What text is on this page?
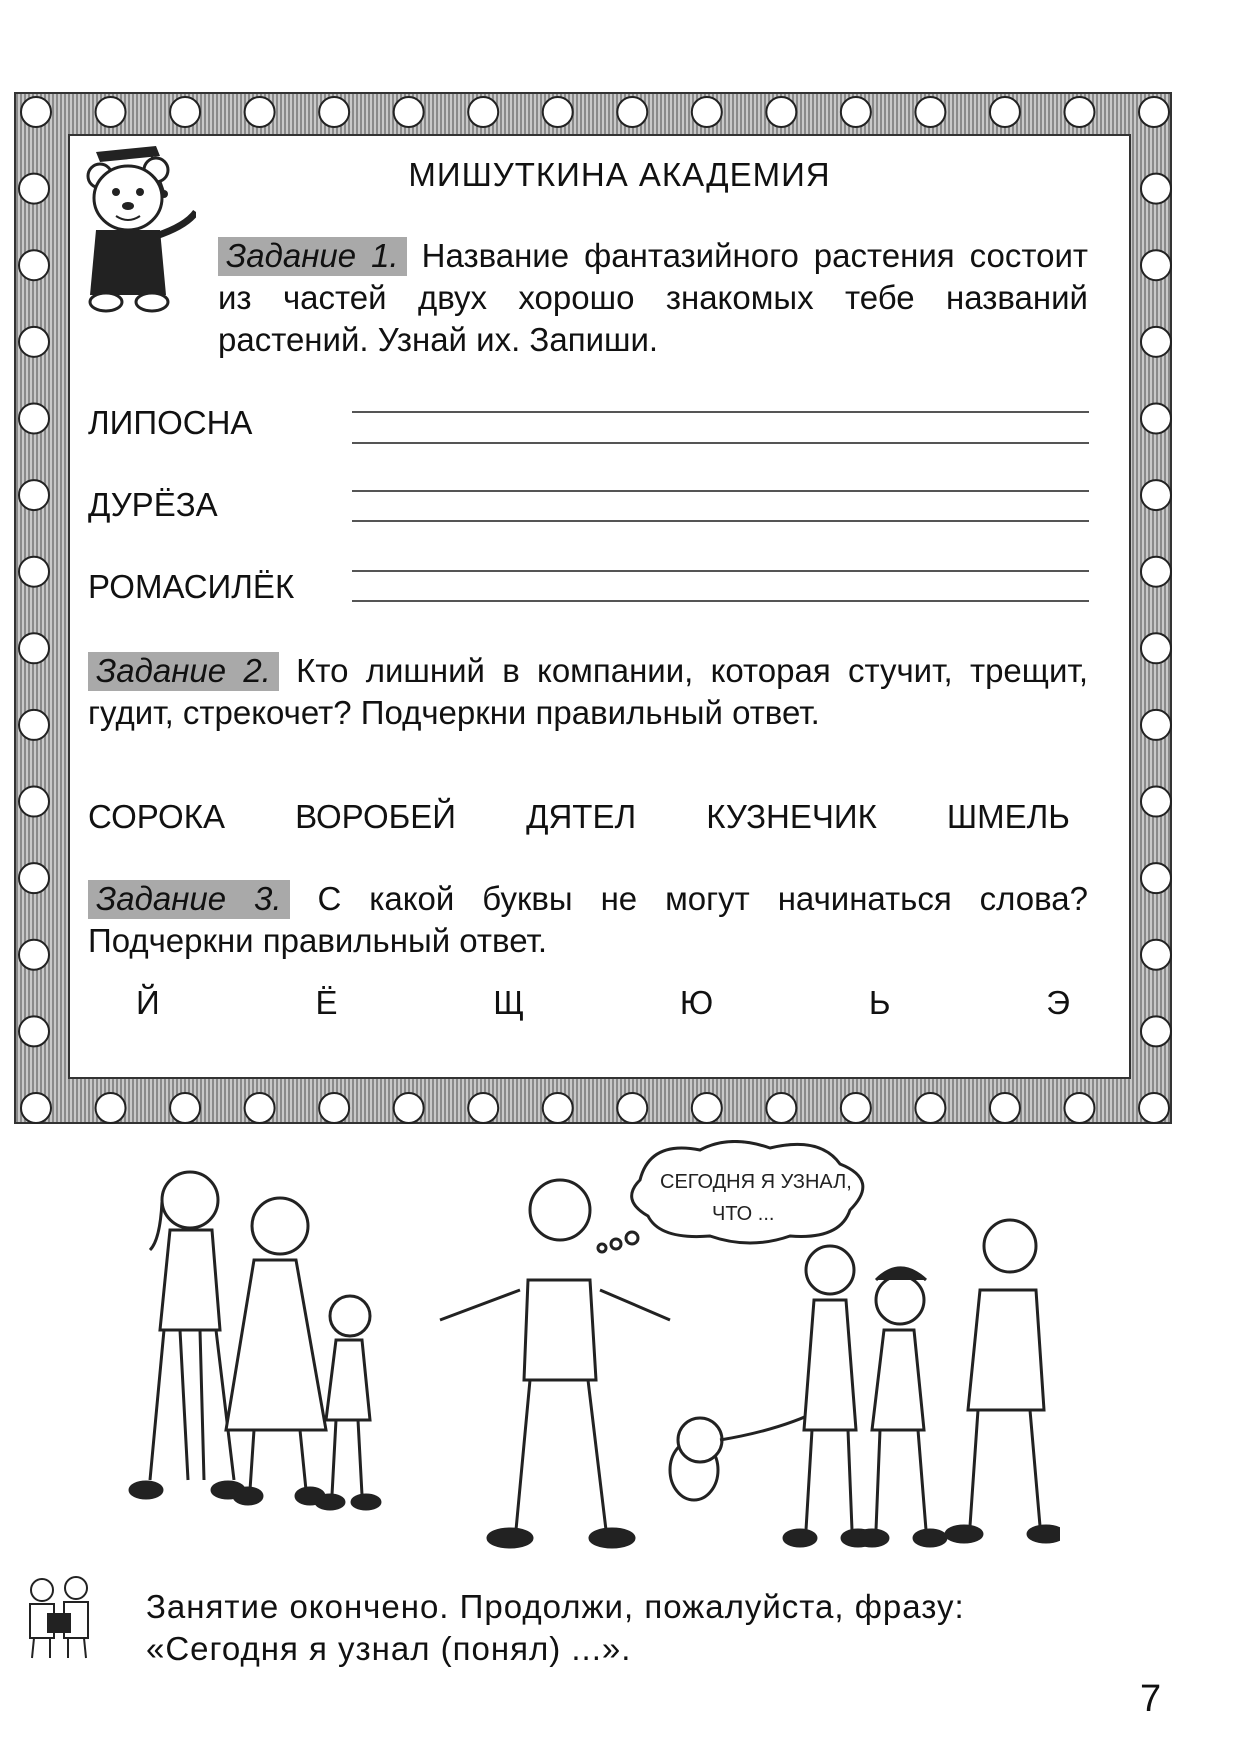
МИШУТКИНА АКАДЕМИЯ
Задание 1. Название фантазийного растения состоит из частей двух хорошо знакомых тебе названий растений. Узнай их. Запиши.
ЛИПОСНА
ДУРЁЗА
РОМАСИЛЁК
Задание 2. Кто лишний в компании, которая стучит, трещит, гудит, стрекочет? Подчеркни правильный ответ.
СОРОКА ВОРОБЕЙ ДЯТЕЛ КУЗНЕЧИК ШМЕЛЬ
Задание 3. С какой буквы не могут начинаться слова? Подчеркни правильный ответ.
Й	Ё	Щ	Ю	Ь	Э
СЕГОДНЯ Я УЗНАЛ,
ЧТО ...
Занятие окончено. Продолжи, пожалуйста, фразу:
«Сегодня я узнал (понял) ...».
7
